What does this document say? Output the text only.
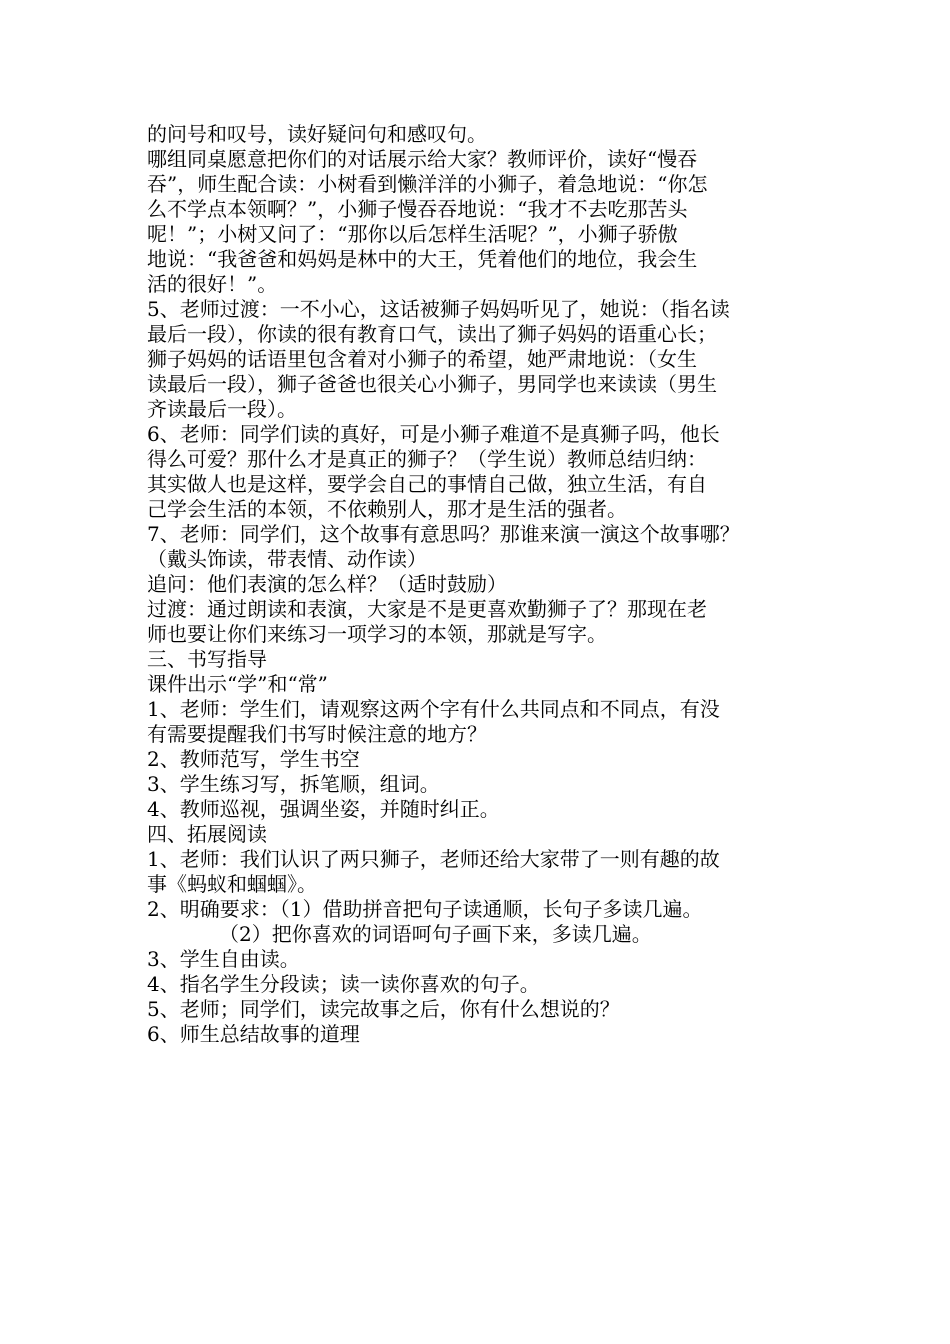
的问号和叹号，读好疑问句和感叹句。
哪组同桌愿意把你们的对话展示给大家？教师评价，读好“慢吞
吞”，师生配合读：小树看到懒洋洋的小狮子，着急地说：“你怎
么不学点本领啊？”，小狮子慢吞吞地说：“我才不去吃那苦头
呢！”；小树又问了：“那你以后怎样生活呢？”，小狮子骄傲
地说：“我爸爸和妈妈是林中的大王，凭着他们的地位，我会生
活的很好！”。
5、老师过渡：一不小心，这话被狮子妈妈听见了，她说：（指名读
最后一段），你读的很有教育口气，读出了狮子妈妈的语重心长；
狮子妈妈的话语里包含着对小狮子的希望，她严肃地说：（女生
读最后一段），狮子爸爸也很关心小狮子，男同学也来读读（男生
齐读最后一段）。
6、老师：同学们读的真好，可是小狮子难道不是真狮子吗，他长
得么可爱？那什么才是真正的狮子？（学生说）教师总结归纳：
其实做人也是这样，要学会自己的事情自己做，独立生活，有自
己学会生活的本领，不依赖别人，那才是生活的强者。
7、老师：同学们，这个故事有意思吗？那谁来演一演这个故事哪？
（戴头饰读，带表情、动作读）
追问：他们表演的怎么样？（适时鼓励）
过渡：通过朗读和表演，大家是不是更喜欢勤狮子了？那现在老
师也要让你们来练习一项学习的本领，那就是写字。
三、书写指导
课件出示“学”和“常”
1、老师：学生们，请观察这两个字有什么共同点和不同点，有没
有需要提醒我们书写时候注意的地方？
2、教师范写，学生书空
3、学生练习写，拆笔顺，组词。
4、教师巡视，强调坐姿，并随时纠正。
四、拓展阅读
1、老师：我们认识了两只狮子，老师还给大家带了一则有趣的故
事《蚂蚁和蝈蝈》。
2、明确要求：（1）借助拼音把句子读通顺，长句子多读几遍。
（2）把你喜欢的词语呵句子画下来，多读几遍。
3、学生自由读。
4、指名学生分段读；读一读你喜欢的句子。
5、老师；同学们，读完故事之后，你有什么想说的？
6、师生总结故事的道理
